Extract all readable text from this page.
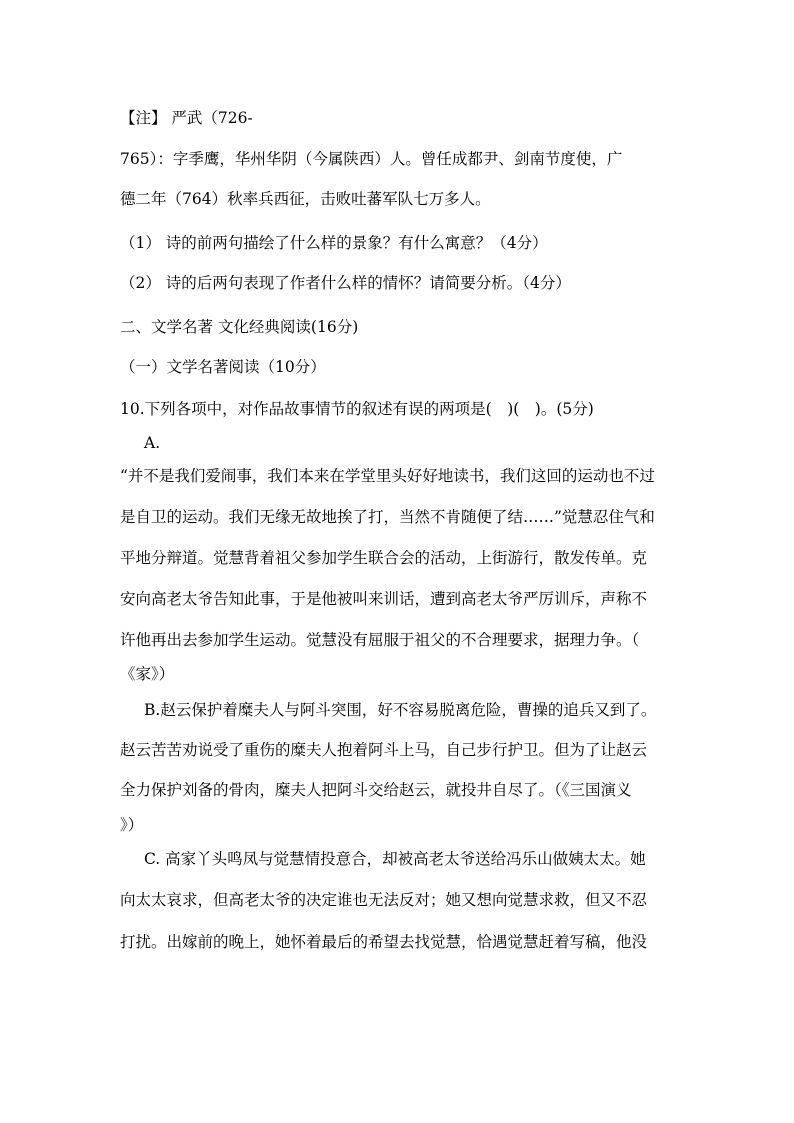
【注】 严武（726-
765）：字季鹰，华州华阴（今属陕西）人。曾任成都尹、剑南节度使，广
德二年（764）秋率兵西征，击败吐蕃军队七万多人。
（1） 诗的前两句描绘了什么样的景象？有什么寓意？（4分）
（2） 诗的后两句表现了作者什么样的情怀？请简要分析。（4分）
二、文学名著 文化经典阅读(16分)
（一）文学名著阅读（10分）
10.下列各项中，对作品故事情节的叙述有误的两项是(　)(　)。(5分)
A.
“并不是我们爱闹事，我们本来在学堂里头好好地读书，我们这回的运动也不过
是自卫的运动。我们无缘无故地挨了打，当然不肯随便了结……”觉慧忍住气和
平地分辩道。觉慧背着祖父参加学生联合会的活动，上街游行，散发传单。克
安向高老太爷告知此事，于是他被叫来训话，遭到高老太爷严厉训斥，声称不
许他再出去参加学生运动。觉慧没有屈服于祖父的不合理要求，据理力争。（
《家》）
B.赵云保护着糜夫人与阿斗突围，好不容易脱离危险，曹操的追兵又到了。
赵云苦苦劝说受了重伤的糜夫人抱着阿斗上马，自己步行护卫。但为了让赵云
全力保护刘备的骨肉，糜夫人把阿斗交给赵云，就投井自尽了。（《三国演义
》）
C. 高家丫头鸣凤与觉慧情投意合，却被高老太爷送给冯乐山做姨太太。她
向太太哀求，但高老太爷的决定谁也无法反对；她又想向觉慧求救，但又不忍
打扰。出嫁前的晚上，她怀着最后的希望去找觉慧，恰遇觉慧赶着写稿，他没
